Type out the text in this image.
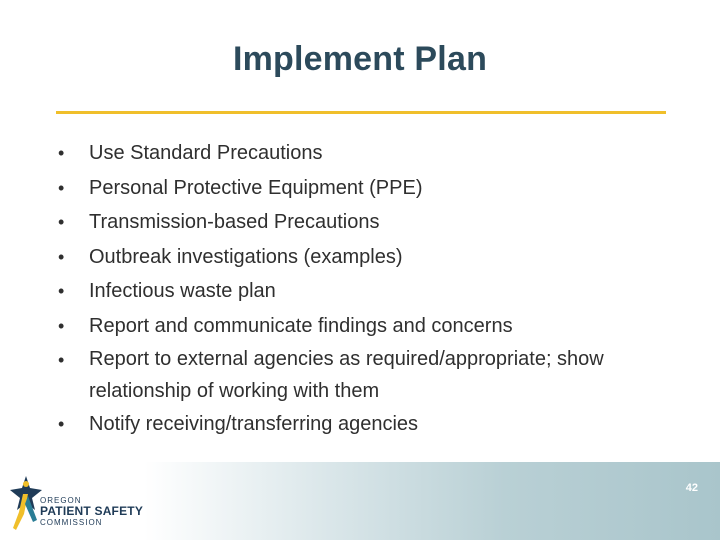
Implement Plan
• Use Standard Precautions
• Personal Protective Equipment (PPE)
• Transmission-based Precautions
• Outbreak investigations (examples)
• Infectious waste plan
• Report and communicate findings and concerns
• Report to external agencies as required/appropriate; show relationship of working with them
• Notify receiving/transferring agencies
OREGON
PATIENT SAFETY
COMMISSION
42
